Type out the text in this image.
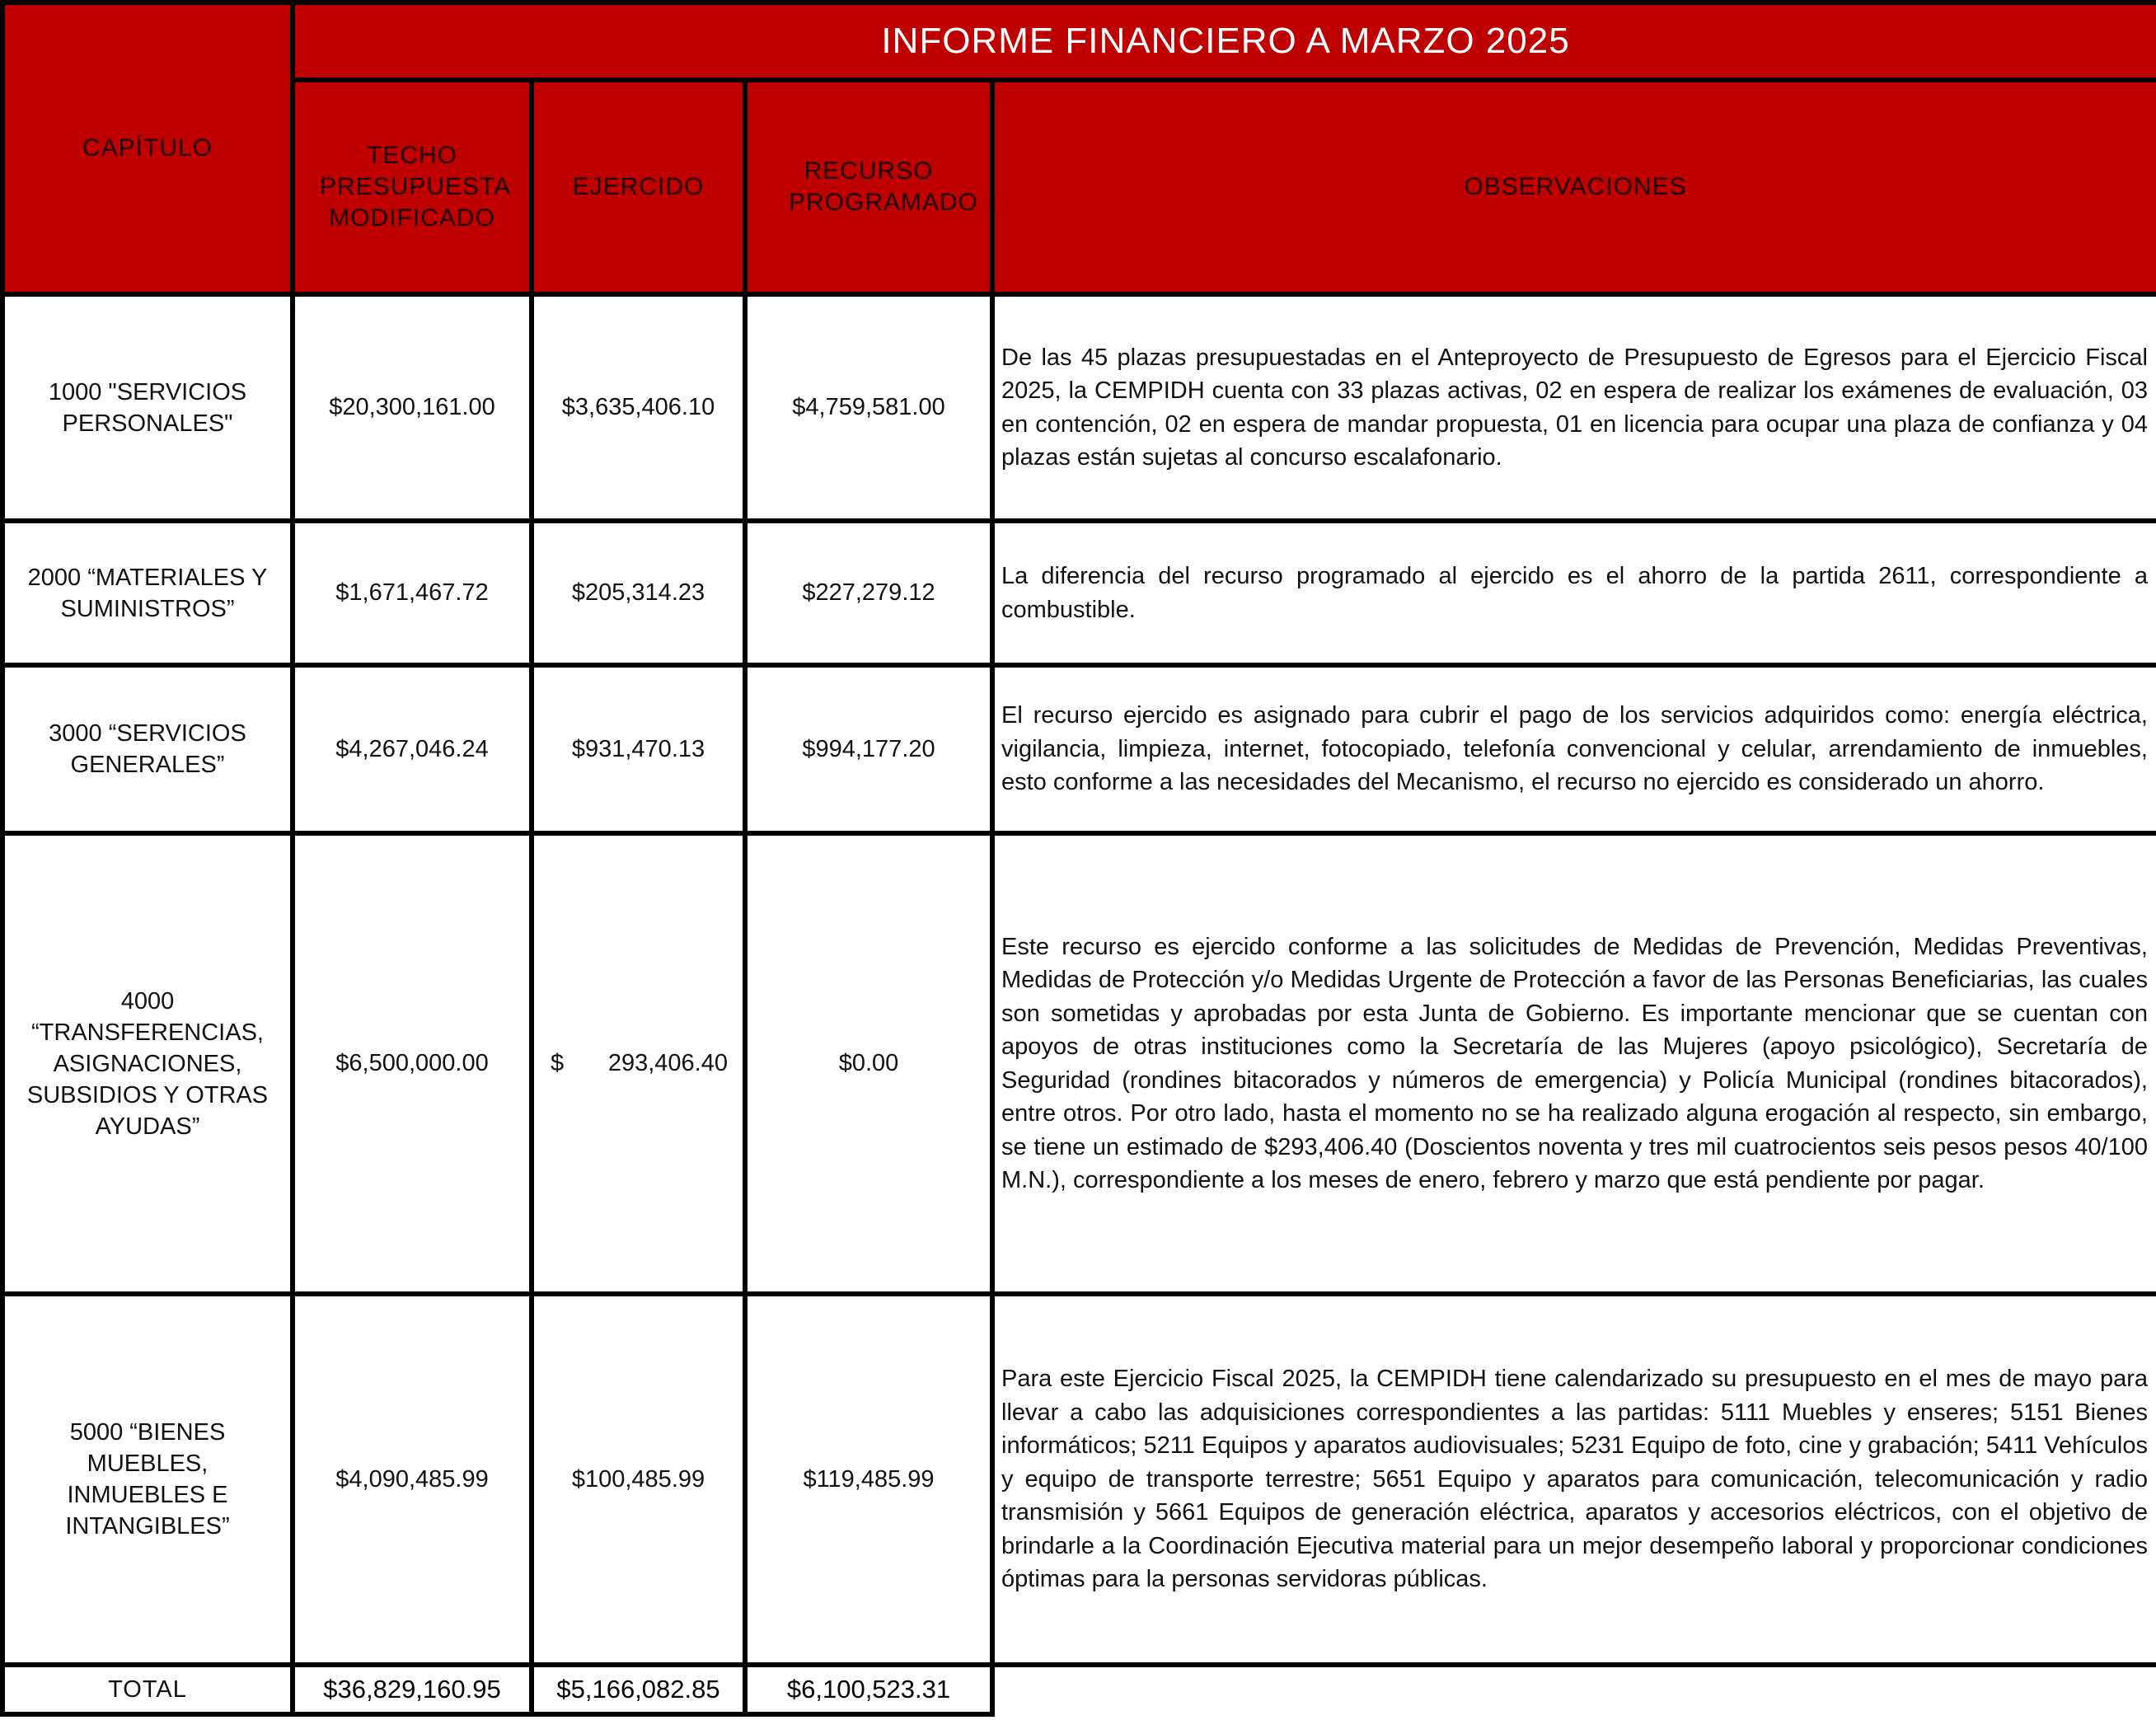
CAPÍTULO	INFORME FINANCIERO A MARZO 2025			

	TECHO PRESUPUESTA MODIFICADO	EJERCIDO	RECURSO PROGRAMADO	OBSERVACIONES

1000 "SERVICIOS PERSONALES"	$20,300,161.00	$3,635,406.10	$4,759,581.00	De las 45 plazas presupuestadas en el Anteproyecto de Presupuesto de Egresos para el Ejercicio Fiscal 2025, la CEMPIDH cuenta con 33 plazas activas, 02 en espera de realizar los exámenes de evaluación, 03 en contención, 02 en espera de mandar propuesta, 01 en licencia para ocupar una plaza de confianza y 04 plazas están sujetas al concurso escalafonario.

2000 “MATERIALES Y SUMINISTROS”	$1,671,467.72	$205,314.23	$227,279.12	La diferencia del recurso programado al ejercido es el ahorro de la partida 2611, correspondiente a combustible.

3000 “SERVICIOS GENERALES”	$4,267,046.24	$931,470.13	$994,177.20	El recurso ejercido es asignado para cubrir el pago de los servicios adquiridos como: energía eléctrica, vigilancia, limpieza, internet, fotocopiado, telefonía convencional y celular, arrendamiento de inmuebles, esto conforme a las necesidades del Mecanismo, el recurso no ejercido es considerado un ahorro.

4000 “TRANSFERENCIAS, ASIGNACIONES, SUBSIDIOS Y OTRAS AYUDAS”	$6,500,000.00	$ 293,406.40	$0.00	Este recurso es ejercido conforme a las solicitudes de Medidas de Prevención, Medidas Preventivas, Medidas de Protección y/o Medidas Urgente de Protección a favor de las Personas Beneficiarias, las cuales son sometidas y aprobadas por esta Junta de Gobierno. Es importante mencionar que se cuentan con apoyos de otras instituciones como la Secretaría de las Mujeres (apoyo psicológico), Secretaría de Seguridad (rondines bitacorados y números de emergencia) y Policía Municipal (rondines bitacorados), entre otros. Por otro lado, hasta el momento no se ha realizado alguna erogación al respecto, sin embargo, se tiene un estimado de $293,406.40 (Doscientos noventa y tres mil cuatrocientos seis pesos pesos 40/100 M.N.), correspondiente a los meses de enero, febrero y marzo que está pendiente por pagar.

5000 “BIENES MUEBLES, INMUEBLES E INTANGIBLES”	$4,090,485.99	$100,485.99	$119,485.99	Para este Ejercicio Fiscal 2025, la CEMPIDH tiene calendarizado su presupuesto en el mes de mayo para llevar a cabo las adquisiciones correspondientes a las partidas: 5111 Muebles y enseres; 5151 Bienes informáticos; 5211 Equipos y aparatos audiovisuales; 5231 Equipo de foto, cine y grabación; 5411 Vehículos y equipo de transporte terrestre; 5651 Equipo y aparatos para comunicación, telecomunicación y radio transmisión y 5661 Equipos de generación eléctrica, aparatos y accesorios eléctricos, con el objetivo de brindarle a la Coordinación Ejecutiva material para un mejor desempeño laboral y proporcionar condiciones óptimas para la personas servidoras públicas.
TOTAL	$36,829,160.95	$5,166,082.85	$6,100,523.31	
